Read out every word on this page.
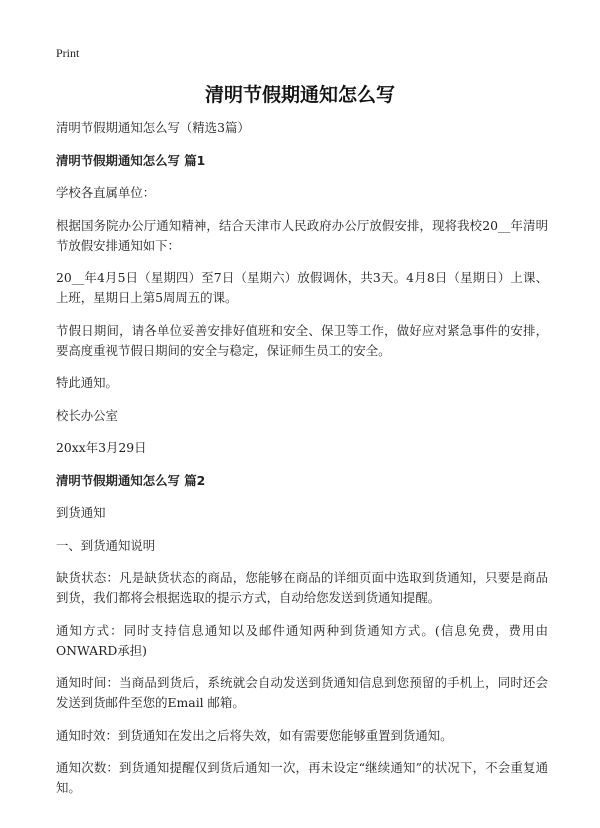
Print
清明节假期通知怎么写

清明节假期通知怎么写（精选3篇）

清明节假期通知怎么写 篇1

学校各直属单位：

根据国务院办公厅通知精神，结合天津市人民政府办公厅放假安排，现将我校20__年清明节放假安排通知如下：

20__年4月5日（星期四）至7日（星期六）放假调休，共3天。4月8日（星期日）上课、上班，星期日上第5周周五的课。

节假日期间，请各单位妥善安排好值班和安全、保卫等工作，做好应对紧急事件的安排，要高度重视节假日期间的安全与稳定，保证师生员工的安全。

特此通知。

校长办公室

20xx年3月29日

清明节假期通知怎么写 篇2

到货通知

一、到货通知说明

缺货状态：凡是缺货状态的商品，您能够在商品的详细页面中选取到货通知，只要是商品到货，我们都将会根据选取的提示方式，自动给您发送到货通知提醒。

通知方式：同时支持信息通知以及邮件通知两种到货通知方式。(信息免费，费用由ONWARD承担)

通知时间：当商品到货后，系统就会自动发送到货通知信息到您预留的手机上，同时还会发送到货邮件至您的Email 邮箱。

通知时效：到货通知在发出之后将失效，如有需要您能够重置到货通知。

通知次数：到货通知提醒仅到货后通知一次，再未设定“继续通知”的状况下，不会重复通知。
